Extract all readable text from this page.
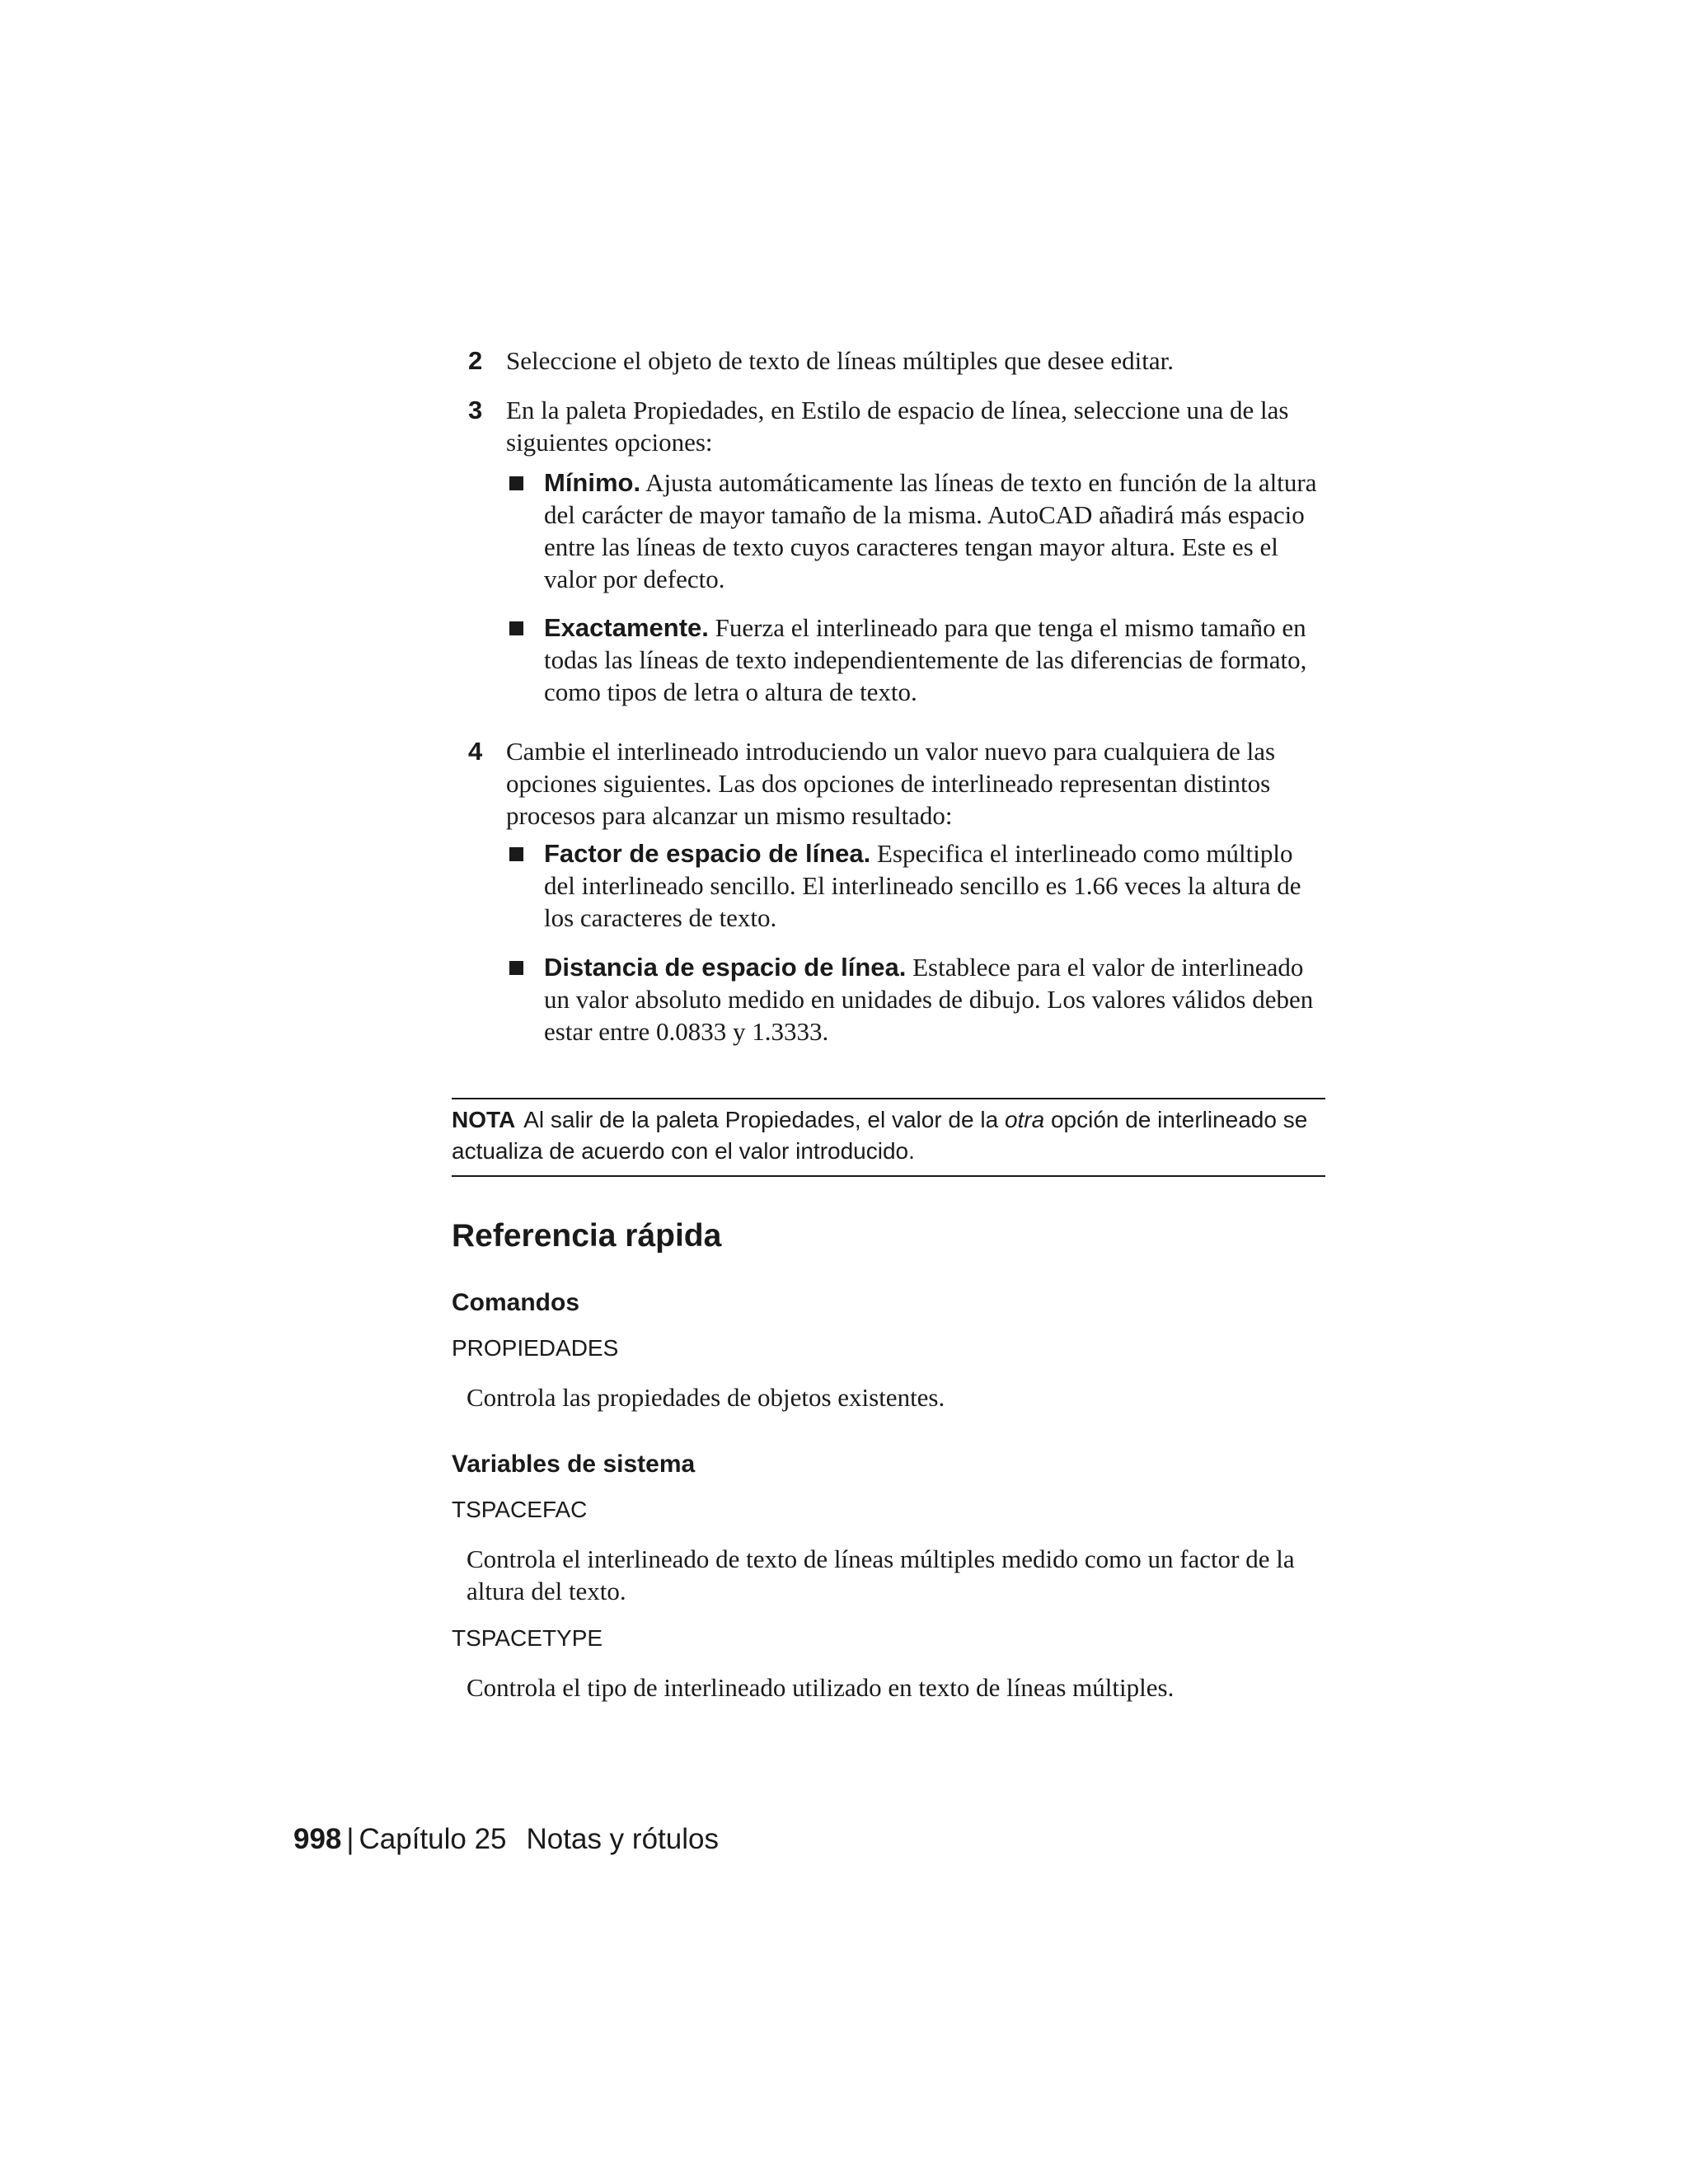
2 Seleccione el objeto de texto de líneas múltiples que desee editar.
3 En la paleta Propiedades, en Estilo de espacio de línea, seleccione una de las siguientes opciones:
Mínimo. Ajusta automáticamente las líneas de texto en función de la altura del carácter de mayor tamaño de la misma. AutoCAD añadirá más espacio entre las líneas de texto cuyos caracteres tengan mayor altura. Este es el valor por defecto.
Exactamente. Fuerza el interlineado para que tenga el mismo tamaño en todas las líneas de texto independientemente de las diferencias de formato, como tipos de letra o altura de texto.
4 Cambie el interlineado introduciendo un valor nuevo para cualquiera de las opciones siguientes. Las dos opciones de interlineado representan distintos procesos para alcanzar un mismo resultado:
Factor de espacio de línea. Especifica el interlineado como múltiplo del interlineado sencillo. El interlineado sencillo es 1.66 veces la altura de los caracteres de texto.
Distancia de espacio de línea. Establece para el valor de interlineado un valor absoluto medido en unidades de dibujo. Los valores válidos deben estar entre 0.0833 y 1.3333.
NOTA Al salir de la paleta Propiedades, el valor de la otra opción de interlineado se actualiza de acuerdo con el valor introducido.
Referencia rápida
Comandos
PROPIEDADES
Controla las propiedades de objetos existentes.
Variables de sistema
TSPACEFAC
Controla el interlineado de texto de líneas múltiples medido como un factor de la altura del texto.
TSPACETYPE
Controla el tipo de interlineado utilizado en texto de líneas múltiples.
998 | Capítulo 25 Notas y rótulos
